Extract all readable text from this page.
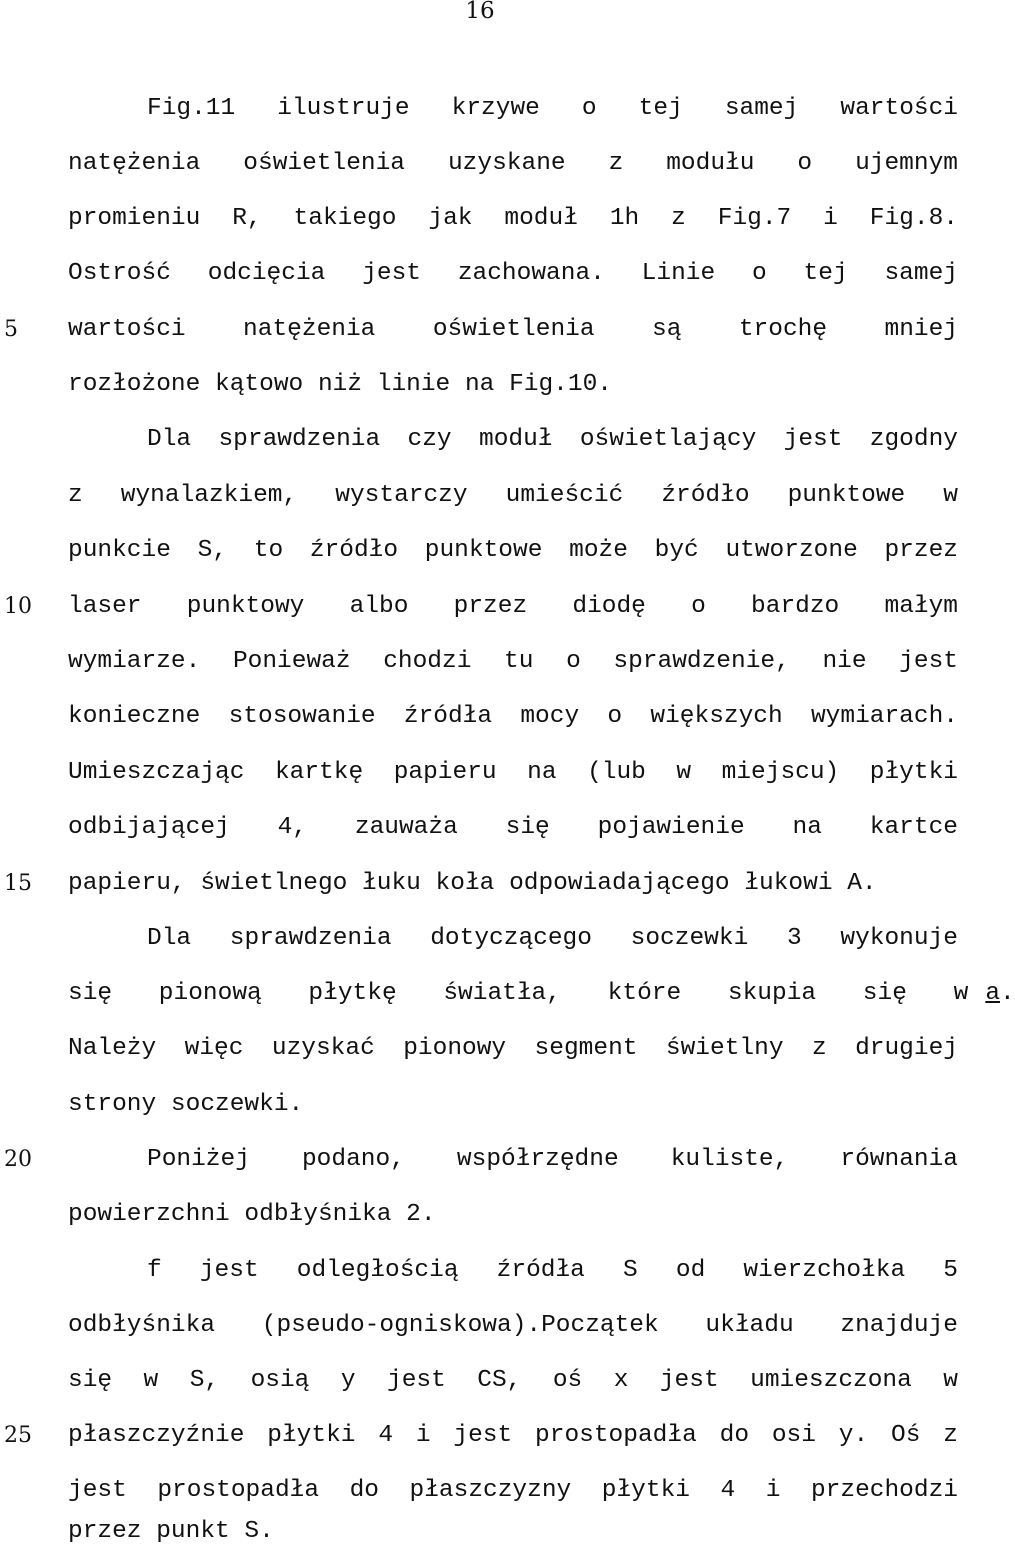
16
5
10
15
20
25
Fig.11 ilustruje krzywe o tej samej wartości
natężenia oświetlenia uzyskane z modułu o ujemnym
promieniu R, takiego jak moduł 1h z Fig.7 i Fig.8.
Ostrość odcięcia jest zachowana. Linie o tej samej
wartości natężenia oświetlenia są trochę mniej
rozłożone kątowo niż linie na Fig.10.
Dla sprawdzenia czy moduł oświetlający jest zgodny
z wynalazkiem, wystarczy umieścić źródło punktowe w
punkcie S, to źródło punktowe może być utworzone przez
laser punktowy albo przez diodę o bardzo małym
wymiarze. Ponieważ chodzi tu o sprawdzenie, nie jest
konieczne stosowanie źródła mocy o większych wymiarach.
Umieszczając kartkę papieru na (lub w miejscu) płytki
odbijającej 4, zauważa się pojawienie na kartce
papieru, świetlnego łuku koła odpowiadającego łukowi A.
Dla sprawdzenia dotyczącego soczewki 3 wykonuje
się pionową płytkę światła, które skupia się w a.
Należy więc uzyskać pionowy segment świetlny z drugiej
strony soczewki.
Poniżej podano, współrzędne kuliste, równania
powierzchni odbłyśnika 2.
f jest odległością źródła S od wierzchołka 5
odbłyśnika (pseudo-ogniskowa).Początek układu znajduje
się w S, osią y jest CS, oś x jest umieszczona w
płaszczyźnie płytki 4 i jest prostopadła do osi y. Oś z
jest prostopadła do płaszczyzny płytki 4 i przechodzi
przez punkt S.
